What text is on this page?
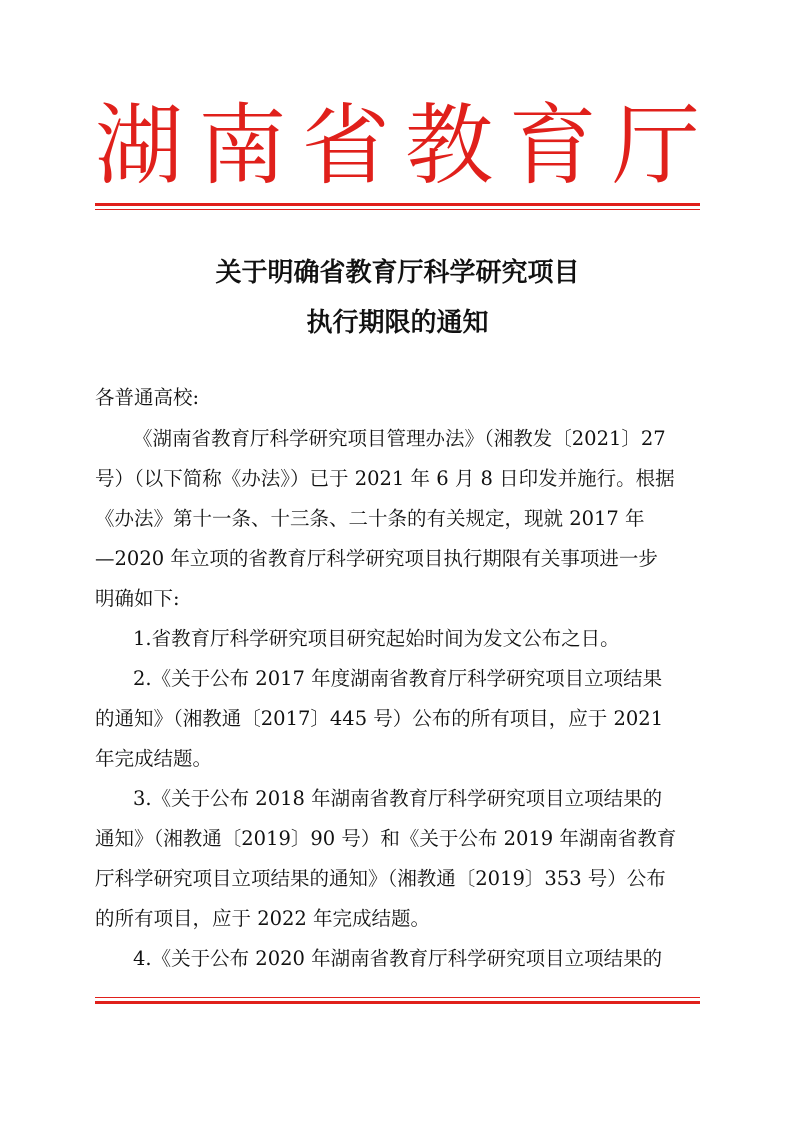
湖 南 省 教 育 厅
关于明确省教育厅科学研究项目
执行期限的通知
各普通高校:
《湖南省教育厅科学研究项目管理办法》（湘教发〔2021〕27
号）（以下简称《办法》）已于 2021 年 6 月 8 日印发并施行。根据
《办法》第十一条、十三条、二十条的有关规定，现就 2017 年
—2020 年立项的省教育厅科学研究项目执行期限有关事项进一步
明确如下:
1.省教育厅科学研究项目研究起始时间为发文公布之日。
2.《关于公布 2017 年度湖南省教育厅科学研究项目立项结果
的通知》（湘教通〔2017〕445 号）公布的所有项目，应于 2021
年完成结题。
3.《关于公布 2018 年湖南省教育厅科学研究项目立项结果的
通知》（湘教通〔2019〕90 号）和《关于公布 2019 年湖南省教育
厅科学研究项目立项结果的通知》（湘教通〔2019〕353 号）公布
的所有项目，应于 2022 年完成结题。
4.《关于公布 2020 年湖南省教育厅科学研究项目立项结果的
